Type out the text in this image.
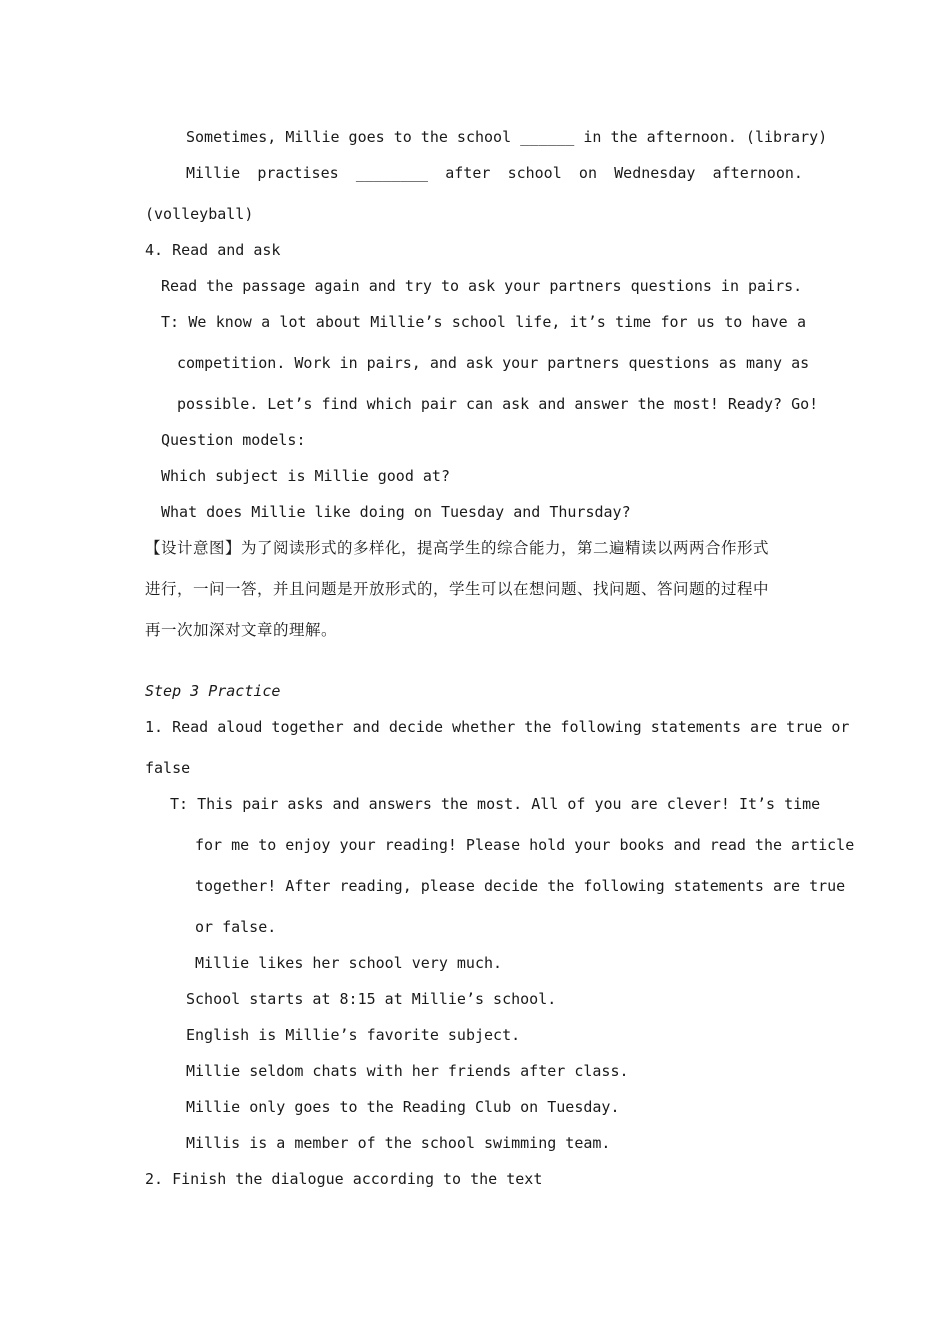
Sometimes, Millie goes to the school ______ in the afternoon. (library)
Millie practises ________ after school on Wednesday afternoon.
(volleyball)
4. Read and ask
Read the passage again and try to ask your partners questions in pairs.
T: We know a lot about Millie’s school life, it’s time for us to have a
competition. Work in pairs, and ask your partners questions as many as
possible. Let’s find which pair can ask and answer the most! Ready? Go!
Question models:
Which subject is Millie good at?
What does Millie like doing on Tuesday and Thursday?
【设计意图】为了阅读形式的多样化，提高学生的综合能力，第二遍精读以两两合作形式
进行，一问一答，并且问题是开放形式的，学生可以在想问题、找问题、答问题的过程中
再一次加深对文章的理解。
Step 3 Practice
1. Read aloud together and decide whether the following statements are true or
false
T: This pair asks and answers the most. All of you are clever! It’s time
for me to enjoy your reading! Please hold your books and read the article
together! After reading, please decide the following statements are true
or false.
Millie likes her school very much.
School starts at 8:15 at Millie’s school.
English is Millie’s favorite subject.
Millie seldom chats with her friends after class.
Millie only goes to the Reading Club on Tuesday.
Millis is a member of the school swimming team.
2. Finish the dialogue according to the text
